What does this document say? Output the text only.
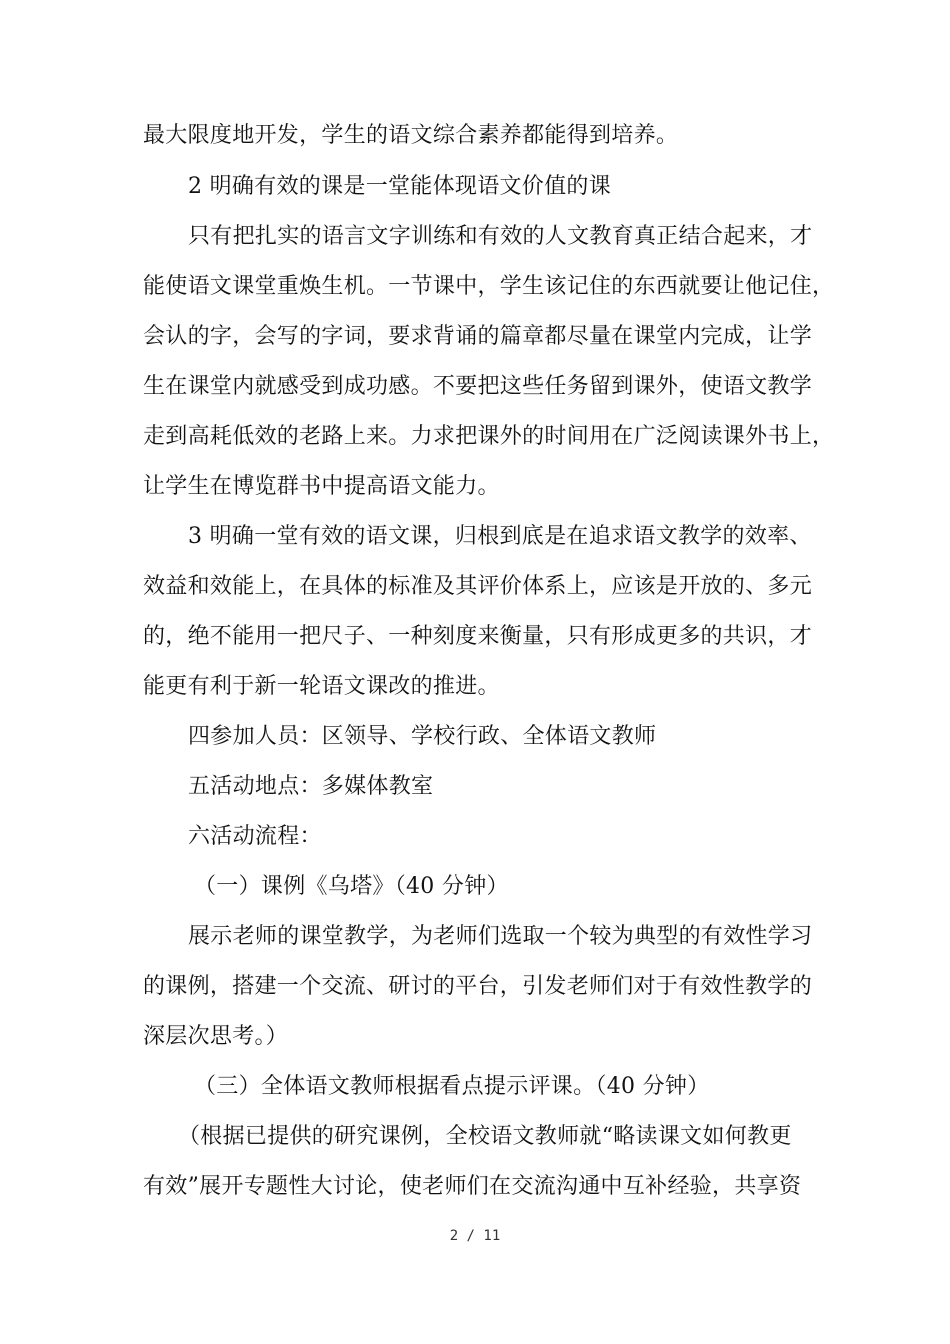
最大限度地开发，学生的语文综合素养都能得到培养。
2 明确有效的课是一堂能体现语文价值的课
只有把扎实的语言文字训练和有效的人文教育真正结合起来，才
能使语文课堂重焕生机。一节课中，学生该记住的东西就要让他记住，
会认的字，会写的字词，要求背诵的篇章都尽量在课堂内完成，让学
生在课堂内就感受到成功感。不要把这些任务留到课外，使语文教学
走到高耗低效的老路上来。力求把课外的时间用在广泛阅读课外书上，
让学生在博览群书中提高语文能力。
3 明确一堂有效的语文课，归根到底是在追求语文教学的效率、
效益和效能上，在具体的标准及其评价体系上，应该是开放的、多元
的，绝不能用一把尺子、一种刻度来衡量，只有形成更多的共识，才
能更有利于新一轮语文课改的推进。
四参加人员：区领导、学校行政、全体语文教师
五活动地点：多媒体教室
六活动流程：
（一）课例《乌塔》（40 分钟）
展示老师的课堂教学，为老师们选取一个较为典型的有效性学习
的课例，搭建一个交流、研讨的平台，引发老师们对于有效性教学的
深层次思考。）
（三）全体语文教师根据看点提示评课。（40 分钟）
（根据已提供的研究课例，全校语文教师就“略读课文如何教更
有效”展开专题性大讨论，使老师们在交流沟通中互补经验，共享资
2 / 11
